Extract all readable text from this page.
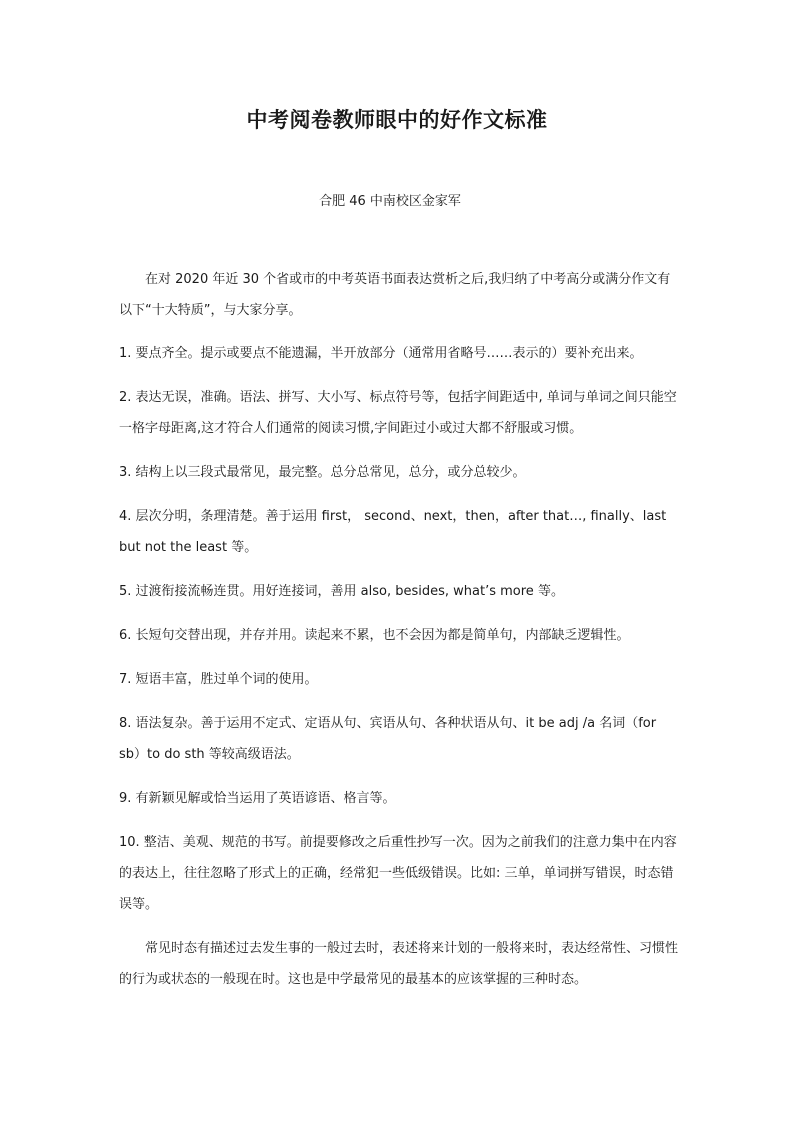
中考阅卷教师眼中的好作文标准
合肥 46 中南校区金家军

在对 2020 年近 30 个省或市的中考英语书面表达赏析之后,我归纳了中考高分或满分作文有以下“十大特质”，与大家分享。

1. 要点齐全。提示或要点不能遗漏，半开放部分（通常用省略号……表示的）要补充出来。

2. 表达无误，准确。语法、拼写、大小写、标点符号等，包括字间距适中, 单词与单词之间只能空一格字母距离,这才符合人们通常的阅读习惯,字间距过小或过大都不舒服或习惯。

3. 结构上以三段式最常见，最完整。总分总常见，总分，或分总较少。

4. 层次分明，条理清楚。善于运用 first， second、next，then，after that…, finally、last but not the least 等。

5. 过渡衔接流畅连贯。用好连接词，善用 also, besides, what’s more 等。

6. 长短句交替出现，并存并用。读起来不累，也不会因为都是简单句，内部缺乏逻辑性。

7. 短语丰富，胜过单个词的使用。

8. 语法复杂。善于运用不定式、定语从句、宾语从句、各种状语从句、it be adj /a 名词（for sb）to do sth 等较高级语法。

9. 有新颖见解或恰当运用了英语谚语、格言等。

10. 整洁、美观、规范的书写。前提要修改之后重性抄写一次。因为之前我们的注意力集中在内容的表达上，往往忽略了形式上的正确，经常犯一些低级错误。比如: 三单，单词拼写错误，时态错误等。

常见时态有描述过去发生事的一般过去时，表述将来计划的一般将来时，表达经常性、习惯性的行为或状态的一般现在时。这也是中学最常见的最基本的应该掌握的三种时态。
